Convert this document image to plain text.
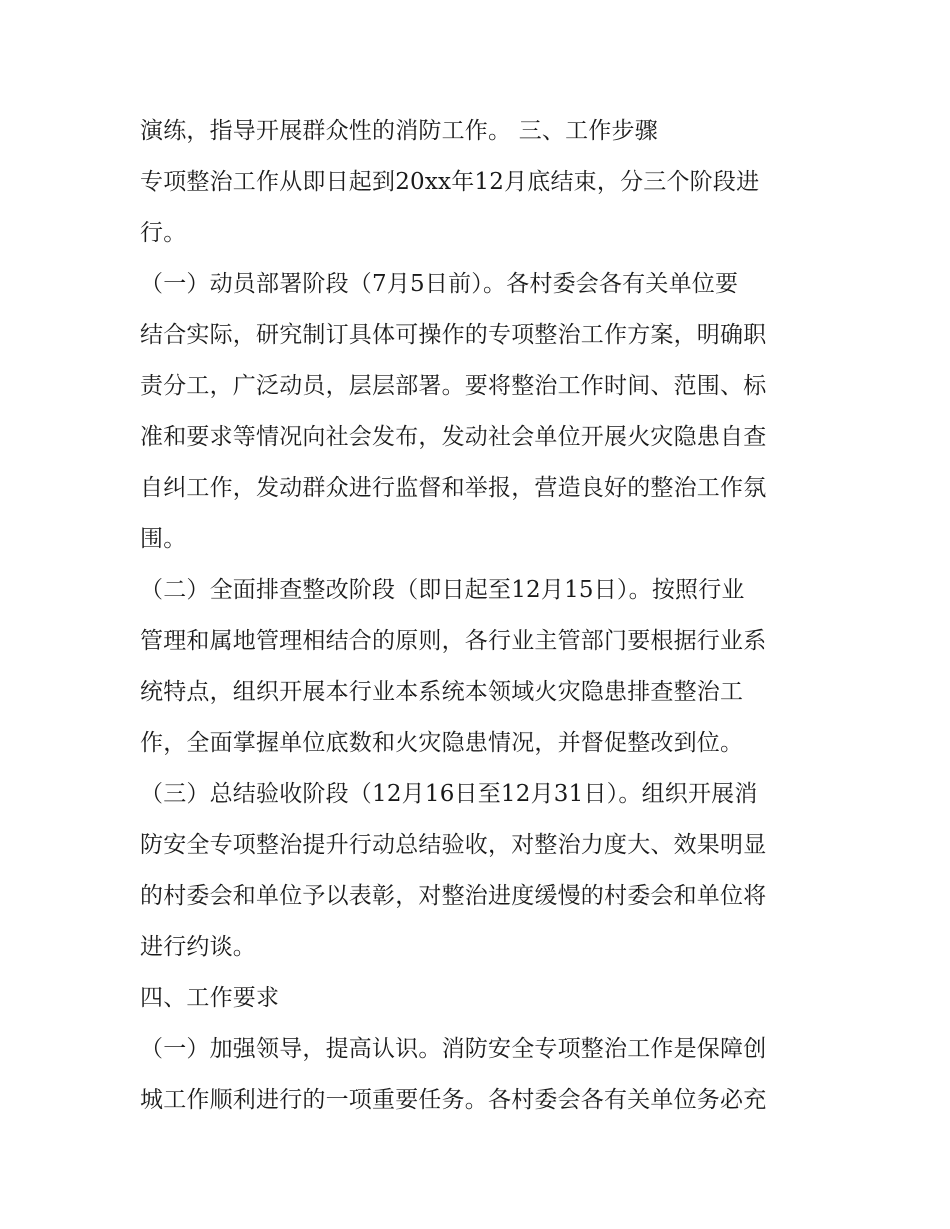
演练，指导开展群众性的消防工作。 三、工作步骤
专项整治工作从即日起到20xx年12月底结束，分三个阶段进
行。
（一）动员部署阶段（7月5日前）。各村委会各有关单位要
结合实际，研究制订具体可操作的专项整治工作方案，明确职
责分工，广泛动员，层层部署。要将整治工作时间、范围、标
准和要求等情况向社会发布，发动社会单位开展火灾隐患自查
自纠工作，发动群众进行监督和举报，营造良好的整治工作氛
围。
（二）全面排查整改阶段（即日起至12月15日）。按照行业
管理和属地管理相结合的原则，各行业主管部门要根据行业系
统特点，组织开展本行业本系统本领域火灾隐患排查整治工
作，全面掌握单位底数和火灾隐患情况，并督促整改到位。
（三）总结验收阶段（12月16日至12月31日）。组织开展消
防安全专项整治提升行动总结验收，对整治力度大、效果明显
的村委会和单位予以表彰，对整治进度缓慢的村委会和单位将
进行约谈。
四、工作要求
（一）加强领导，提高认识。消防安全专项整治工作是保障创
城工作顺利进行的一项重要任务。各村委会各有关单位务必充
